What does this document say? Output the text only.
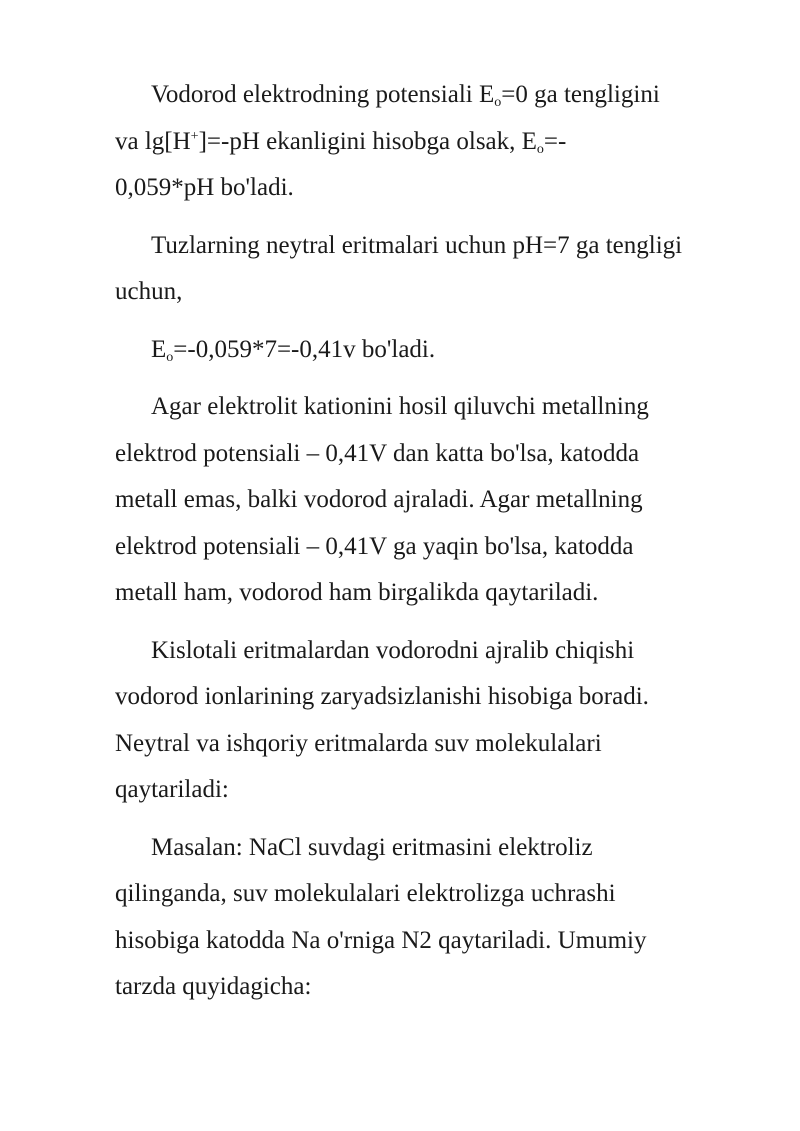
Vodorod elektrodning potensiali $E_o=0$ ga tengligini
va lg[H+]=-pH ekanligini hisobga olsak, $E_o=-$
0,059*pH bo'ladi.

Tuzlarning neytral eritmalari uchun pH=7 ga tengligi
uchun,

$E_o=-0,059*7=-0,41v$ bo'ladi.

Agar elektrolit kationini hosil qiluvchi metallning
elektrod potensiali – 0,41V dan katta bo'lsa, katodda
metall emas, balki vodorod ajraladi. Agar metallning
elektrod potensiali – 0,41V ga yaqin bo'lsa, katodda
metall ham, vodorod ham birgalikda qaytariladi.

Kislotali eritmalardan vodorodni ajralib chiqishi
vodorod ionlarining zaryadsizlanishi hisobiga boradi.
Neytral va ishqoriy eritmalarda suv molekulalari
qaytariladi:

Masalan: NaCl suvdagi eritmasini elektroliz
qilinganda, suv molekulalari elektrolizga uchrashi
hisobiga katodda Na o'rniga N2 qaytariladi. Umumiy
tarzda quyidagicha:
